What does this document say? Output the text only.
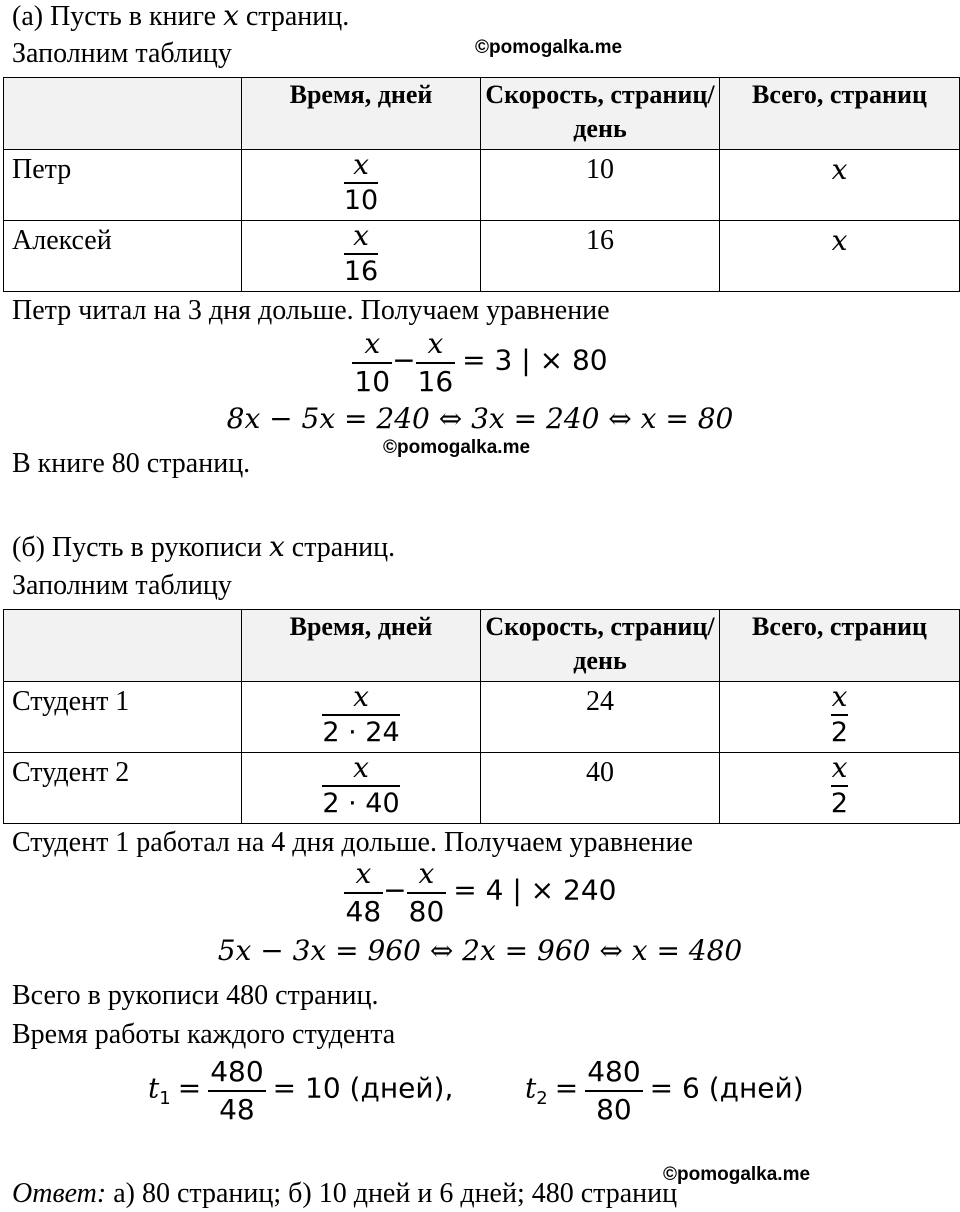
(а) Пусть в книге x страниц.
Заполним таблицу	©pomogalka.me
	Время, дней	Скорость, страниц/день	Всего, страниц
Петр	$\frac{x}{10}$	10	x
Алексей	$\frac{x}{16}$	16	x
Петр читал на 3 дня дольше. Получаем уравнение
$\frac{x}{10} - \frac{x}{16} = 3$ | × 80
8x − 5x = 240 ⇔ 3x = 240 ⇔ x = 80
©pomogalka.me
В книге 80 страниц.
(б) Пусть в рукописи x страниц.
Заполним таблицу
	Время, дней	Скорость, страниц/день	Всего, страниц
Студент 1	$\frac{x}{2 \cdot 24}$	24	$\frac{x}{2}$

Студент 2	$\frac{x}{2 \cdot 40}$	40	$\frac{x}{2}$
Студент 1 работал на 4 дня дольше. Получаем уравнение
$\frac{x}{48} - \frac{x}{80} = 4$ | × 240
5x − 3x = 960 ⇔ 2x = 960 ⇔ x = 480
Всего в рукописи 480 страниц.
Время работы каждого студента
$t_1 = \frac{480}{48} = 10$ (дней),	$t_2 = \frac{480}{80} = 6$ (дней)
©pomogalka.me
Ответ: а) 80 страниц; б) 10 дней и 6 дней; 480 страниц
